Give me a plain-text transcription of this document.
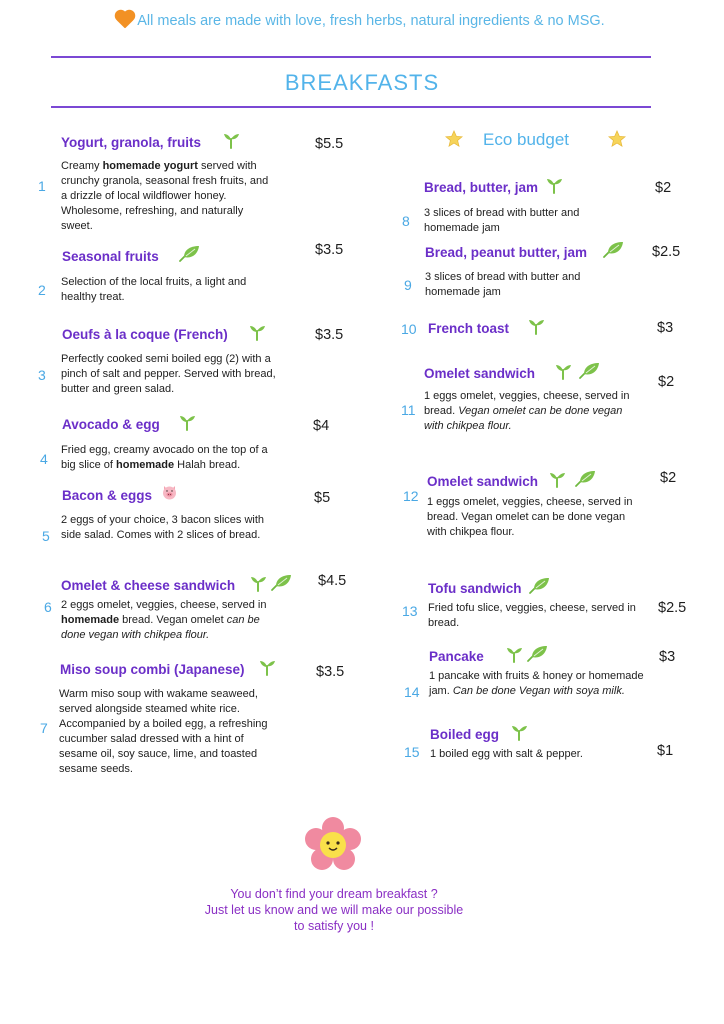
All meals are made with love, fresh herbs, natural ingredients & no MSG.
BREAKFASTS
Eco budget
1
Yogurt, granola, fruits	$5.5
Creamy homemade yogurt served with crunchy granola, seasonal fresh fruits, and a drizzle of local wildflower honey. Wholesome, refreshing, and naturally sweet.
2
Seasonal fruits	$3.5
Selection of the local fruits, a light and healthy treat.
3
Oeufs à la coque (French)	$3.5
Perfectly cooked semi boiled egg (2) with a pinch of salt and pepper. Served with bread, butter and green salad.
4
Avocado & egg	$4
Fried egg, creamy avocado on the top of a big slice of homemade Halah bread.
5
Bacon & eggs	$5
2 eggs of your choice, 3 bacon slices with side salad. Comes with 2 slices of bread.
6
Omelet & cheese sandwich	$4.5
2 eggs omelet, veggies, cheese, served in homemade bread. Vegan omelet can be done vegan with chikpea flour.
7
Miso soup combi (Japanese)	$3.5
Warm miso soup with wakame seaweed, served alongside steamed white rice. Accompanied by a boiled egg, a refreshing cucumber salad dressed with a hint of sesame oil, soy sauce, lime, and toasted sesame seeds.
8
Bread, butter, jam	$2
3 slices of bread with butter and homemade jam
9
Bread, peanut butter, jam	$2.5
3 slices of bread with butter and homemade jam
10 French toast	$3
11
Omelet sandwich
$2
1 eggs omelet, veggies, cheese, served in bread. Vegan omelet can be done vegan with chikpea flour.
12
Omelet sandwich	$2
1 eggs omelet, veggies, cheese, served in bread. Vegan omelet can be done vegan with chikpea flour.
13
Tofu sandwich
$2.5
Fried tofu slice, veggies, cheese, served in bread.
14
Pancake	$3
1 pancake with fruits & honey or homemade jam. Can be done Vegan with soya milk.
15
Boiled egg
$1
1 boiled egg with salt & pepper.
You don’t find your dream breakfast ?
Just let us know and we will make our possible
to satisfy you !
